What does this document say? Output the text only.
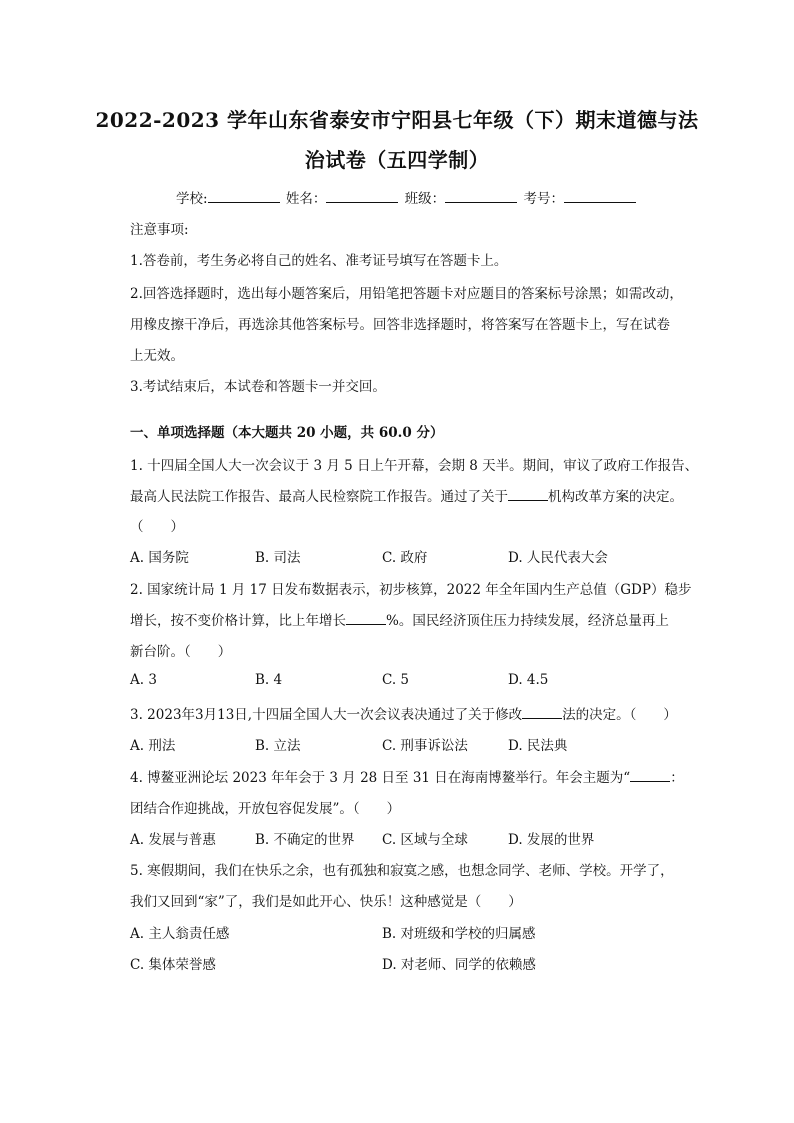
2022-2023 学年山东省泰安市宁阳县七年级（下）期末道德与法
治试卷（五四学制）
学校:	姓名：	班级：	考号：
注意事项:
1.答卷前，考生务必将自己的姓名、准考证号填写在答题卡上。
2.回答选择题时，选出每小题答案后，用铅笔把答题卡对应题目的答案标号涂黑；如需改动，
用橡皮擦干净后，再选涂其他答案标号。回答非选择题时，将答案写在答题卡上，写在试卷
上无效。
3.考试结束后，本试卷和答题卡一并交回。
一、单项选择题（本大题共 20 小题，共 60.0 分）
1. 十四届全国人大一次会议于 3 月 5 日上午开幕，会期 8 天半。期间，审议了政府工作报告、
最高人民法院工作报告、最高人民检察院工作报告。通过了关于	机构改革方案的决定。
（　　）
A. 国务院	B. 司法	C. 政府	D. 人民代表大会
2. 国家统计局 1 月 17 日发布数据表示，初步核算，2022 年全年国内生产总值（GDP）稳步
增长，按不变价格计算，比上年增长	%。国民经济顶住压力持续发展，经济总量再上
新台阶。（　　）
A. 3	B. 4	C. 5	D. 4.5
3. 2023年3月13日,十四届全国人大一次会议表决通过了关于修改	法的决定。（　　）
A. 刑法	B. 立法	C. 刑事诉讼法	D. 民法典
4. 博鳌亚洲论坛 2023 年年会于 3 月 28 日至 31 日在海南博鳌举行。年会主题为“	：
团结合作迎挑战，开放包容促发展”。（　　）
A. 发展与普惠	B. 不确定的世界 C. 区域与全球	D. 发展的世界
5. 寒假期间，我们在快乐之余，也有孤独和寂寞之感，也想念同学、老师、学校。开学了，
我们又回到“家”了，我们是如此开心、快乐！这种感觉是（　　）
A. 主人翁责任感	B. 对班级和学校的归属感
C. 集体荣誉感	D. 对老师、同学的依赖感
